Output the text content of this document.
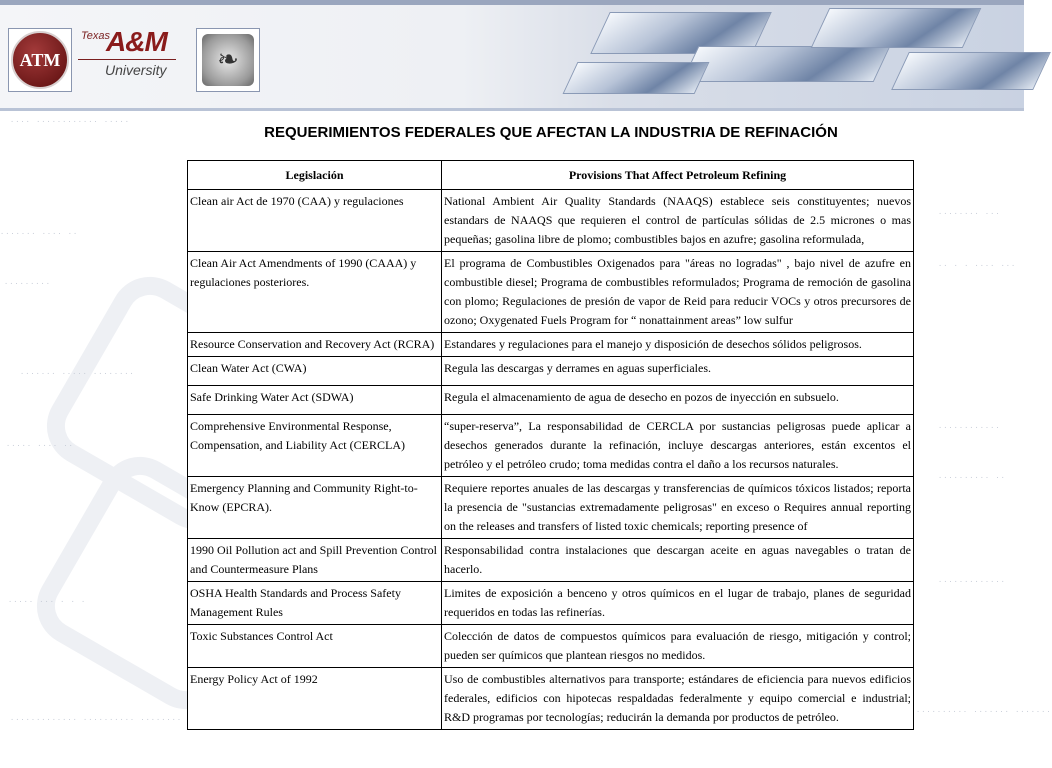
ATM
Texas
A&M
University	❧
.... ............ .....
....... .... ..
.........
....... ..... ........
..... .... ..
..... ... . . .
............. .......... ........
........ ...
.. . . .... ...
............
.......... ..
.............
.......... ....... .......
REQUERIMIENTOS FEDERALES QUE AFECTAN LA INDUSTRIA DE REFINACIÓN
Legislación	Provisions That Affect Petroleum Refining
Clean air Act de 1970 (CAA) y regulaciones	National Ambient Air Quality Standards (NAAQS) establece seis constituyentes; nuevos estandars de NAAQS que requieren el control de partículas sólidas de 2.5 micrones o mas pequeñas; gasolina libre de plomo; combustibles bajos en azufre; gasolina reformulada,

Clean Air Act Amendments of 1990 (CAAA) y regulaciones posteriores.	El programa de Combustibles Oxigenados para "áreas no logradas" , bajo nivel de azufre en combustible diesel; Programa de combustibles reformulados; Programa de remoción de gasolina con plomo; Regulaciones de presión de vapor de Reid para reducir VOCs y otros precursores de ozono; Oxygenated Fuels Program for “ nonattainment areas” low sulfur

Resource Conservation and Recovery Act (RCRA)	Estandares y regulaciones para el manejo y disposición de desechos sólidos peligrosos.
Clean Water Act (CWA)	Regula las descargas y derrames en aguas superficiales.
Safe Drinking Water Act (SDWA)	Regula el almacenamiento de agua de desecho en pozos de inyección en subsuelo.
Comprehensive Environmental Response, Compensation, and Liability Act (CERCLA)	“super-reserva”, La responsabilidad de CERCLA por sustancias peligrosas puede aplicar a desechos generados durante la refinación, incluye descargas anteriores, están excentos el petróleo y el petróleo crudo; toma medidas contra el daño a los recursos naturales.
Emergency Planning and Community Right-to-Know (EPCRA).	Requiere reportes anuales de las descargas y transferencias de químicos tóxicos listados; reporta la presencia de "sustancias extremadamente peligrosas" en exceso o Requires annual reporting on the releases and transfers of listed toxic chemicals; reporting presence of

1990 Oil Pollution act and Spill Prevention Control and Countermeasure Plans	Responsabilidad contra instalaciones que descargan aceite en aguas navegables o tratan de hacerlo.
OSHA Health Standards and Process Safety Management Rules	Limites de exposición a benceno y otros químicos en el lugar de trabajo, planes de seguridad requeridos en todas las refinerías.
Toxic Substances Control Act	Colección de datos de compuestos químicos para evaluación de riesgo, mitigación y control; pueden ser químicos que plantean riesgos no medidos.
Energy Policy Act of 1992	Uso de combustibles alternativos para transporte; estándares de eficiencia para nuevos edificios federales, edificios con hipotecas respaldadas federalmente y equipo comercial e industrial; R&D programas por tecnologías; reducirán la demanda por productos de petróleo.
